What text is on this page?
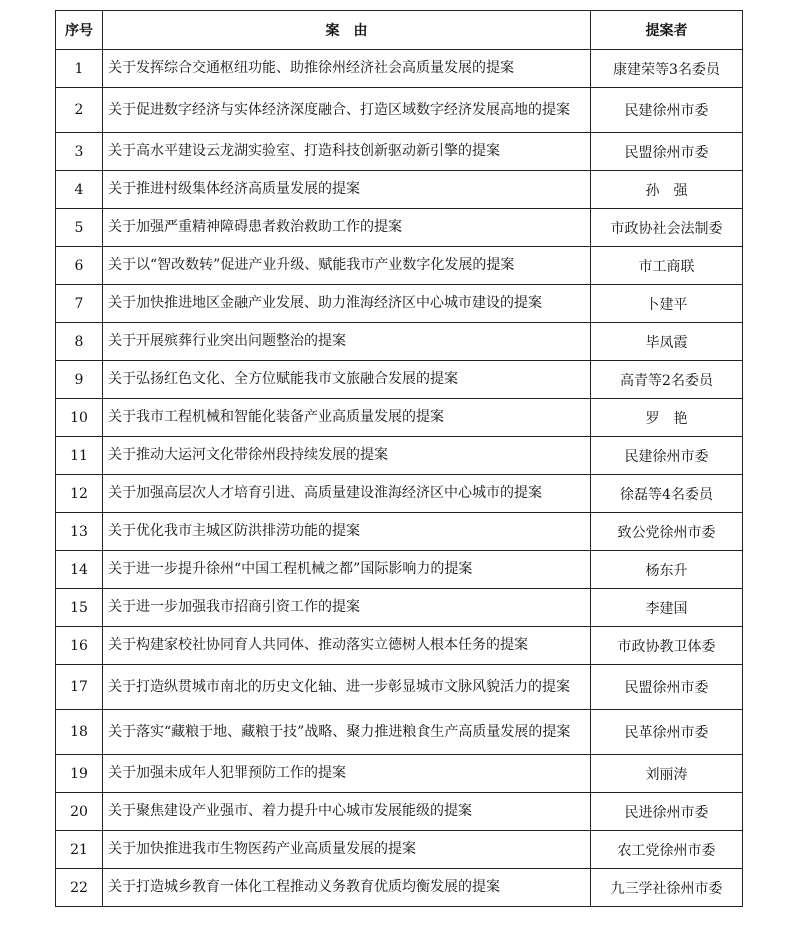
序号	案　由	提案者
1	关于发挥综合交通枢纽功能、助推徐州经济社会高质量发展的提案	康建荣等3名委员
2	关于促进数字经济与实体经济深度融合、打造区域数字经济发展高地的提案	民建徐州市委
3	关于高水平建设云龙湖实验室、打造科技创新驱动新引擎的提案	民盟徐州市委
4	关于推进村级集体经济高质量发展的提案	孙　强
5	关于加强严重精神障碍患者救治救助工作的提案	市政协社会法制委
6	关于以“智改数转”促进产业升级、赋能我市产业数字化发展的提案	市工商联
7	关于加快推进地区金融产业发展、助力淮海经济区中心城市建设的提案	卜建平
8	关于开展殡葬行业突出问题整治的提案	毕凤霞
9	关于弘扬红色文化、全方位赋能我市文旅融合发展的提案	高青等2名委员
10	关于我市工程机械和智能化装备产业高质量发展的提案	罗　艳
11	关于推动大运河文化带徐州段持续发展的提案	民建徐州市委
12	关于加强高层次人才培育引进、高质量建设淮海经济区中心城市的提案	徐磊等4名委员
13	关于优化我市主城区防洪排涝功能的提案	致公党徐州市委
14	关于进一步提升徐州“中国工程机械之都”国际影响力的提案	杨东升
15	关于进一步加强我市招商引资工作的提案	李建国
16	关于构建家校社协同育人共同体、推动落实立德树人根本任务的提案	市政协教卫体委
17	关于打造纵贯城市南北的历史文化轴、进一步彰显城市文脉风貌活力的提案	民盟徐州市委
18	关于落实“藏粮于地、藏粮于技”战略、聚力推进粮食生产高质量发展的提案	民革徐州市委
19	关于加强未成年人犯罪预防工作的提案	刘丽涛
20	关于聚焦建设产业强市、着力提升中心城市发展能级的提案	民进徐州市委
21	关于加快推进我市生物医药产业高质量发展的提案	农工党徐州市委
22	关于打造城乡教育一体化工程推动义务教育优质均衡发展的提案	九三学社徐州市委
